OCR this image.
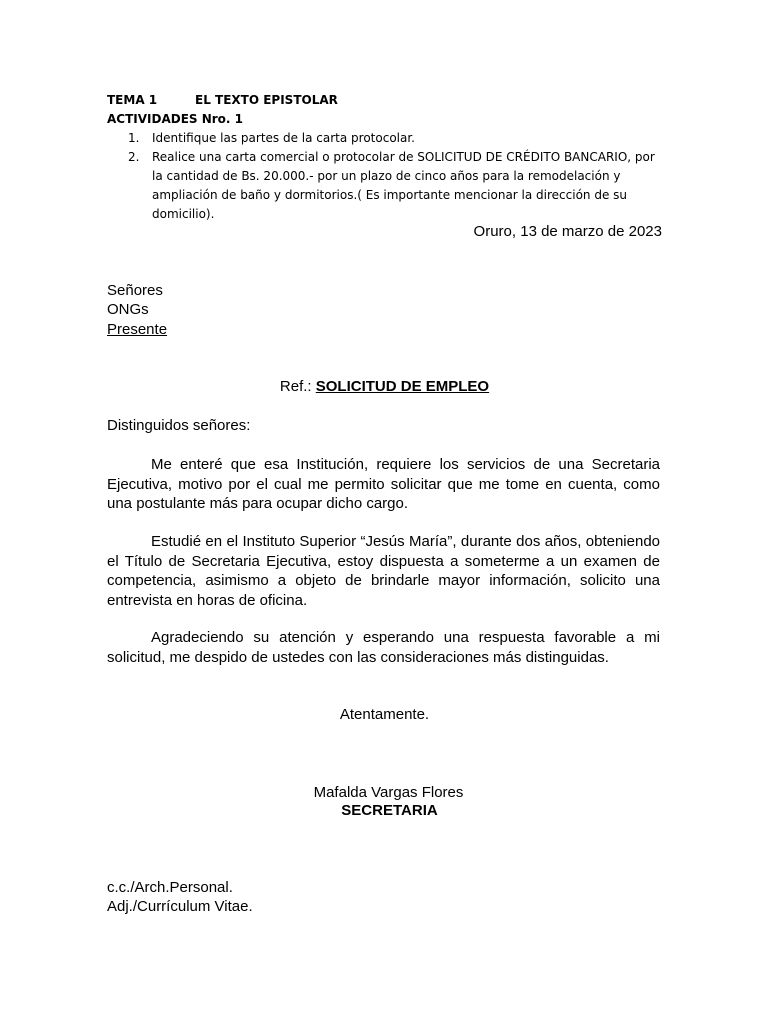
TEMA 1	EL TEXTO EPISTOLAR
ACTIVIDADES Nro. 1
1. Identifique las partes de la carta protocolar.
2. Realice una carta comercial o protocolar de SOLICITUD DE CRÉDITO BANCARIO, por la cantidad de Bs. 20.000.- por un plazo de cinco años para la remodelación y ampliación de baño y dormitorios.( Es importante mencionar la dirección de su domicilio).
Oruro, 13 de marzo de 2023
Señores
ONGs
Presente
Ref.: SOLICITUD DE EMPLEO
Distinguidos señores:

Me enteré que esa Institución, requiere los servicios de una Secretaria Ejecutiva, motivo por el cual me permito solicitar que me tome en cuenta, como una postulante más para ocupar dicho cargo.

Estudié en el Instituto Superior “Jesús María”, durante dos años, obteniendo el Título de Secretaria Ejecutiva, estoy dispuesta a someterme a un examen de competencia, asimismo a objeto de brindarle mayor información, solicito una entrevista en horas de oficina.

Agradeciendo su atención y esperando una respuesta favorable a mi solicitud, me despido de ustedes con las consideraciones más distinguidas.

Atentamente.
Mafalda Vargas Flores
SECRETARIA
c.c./Arch.Personal.
Adj./Currículum Vitae.
